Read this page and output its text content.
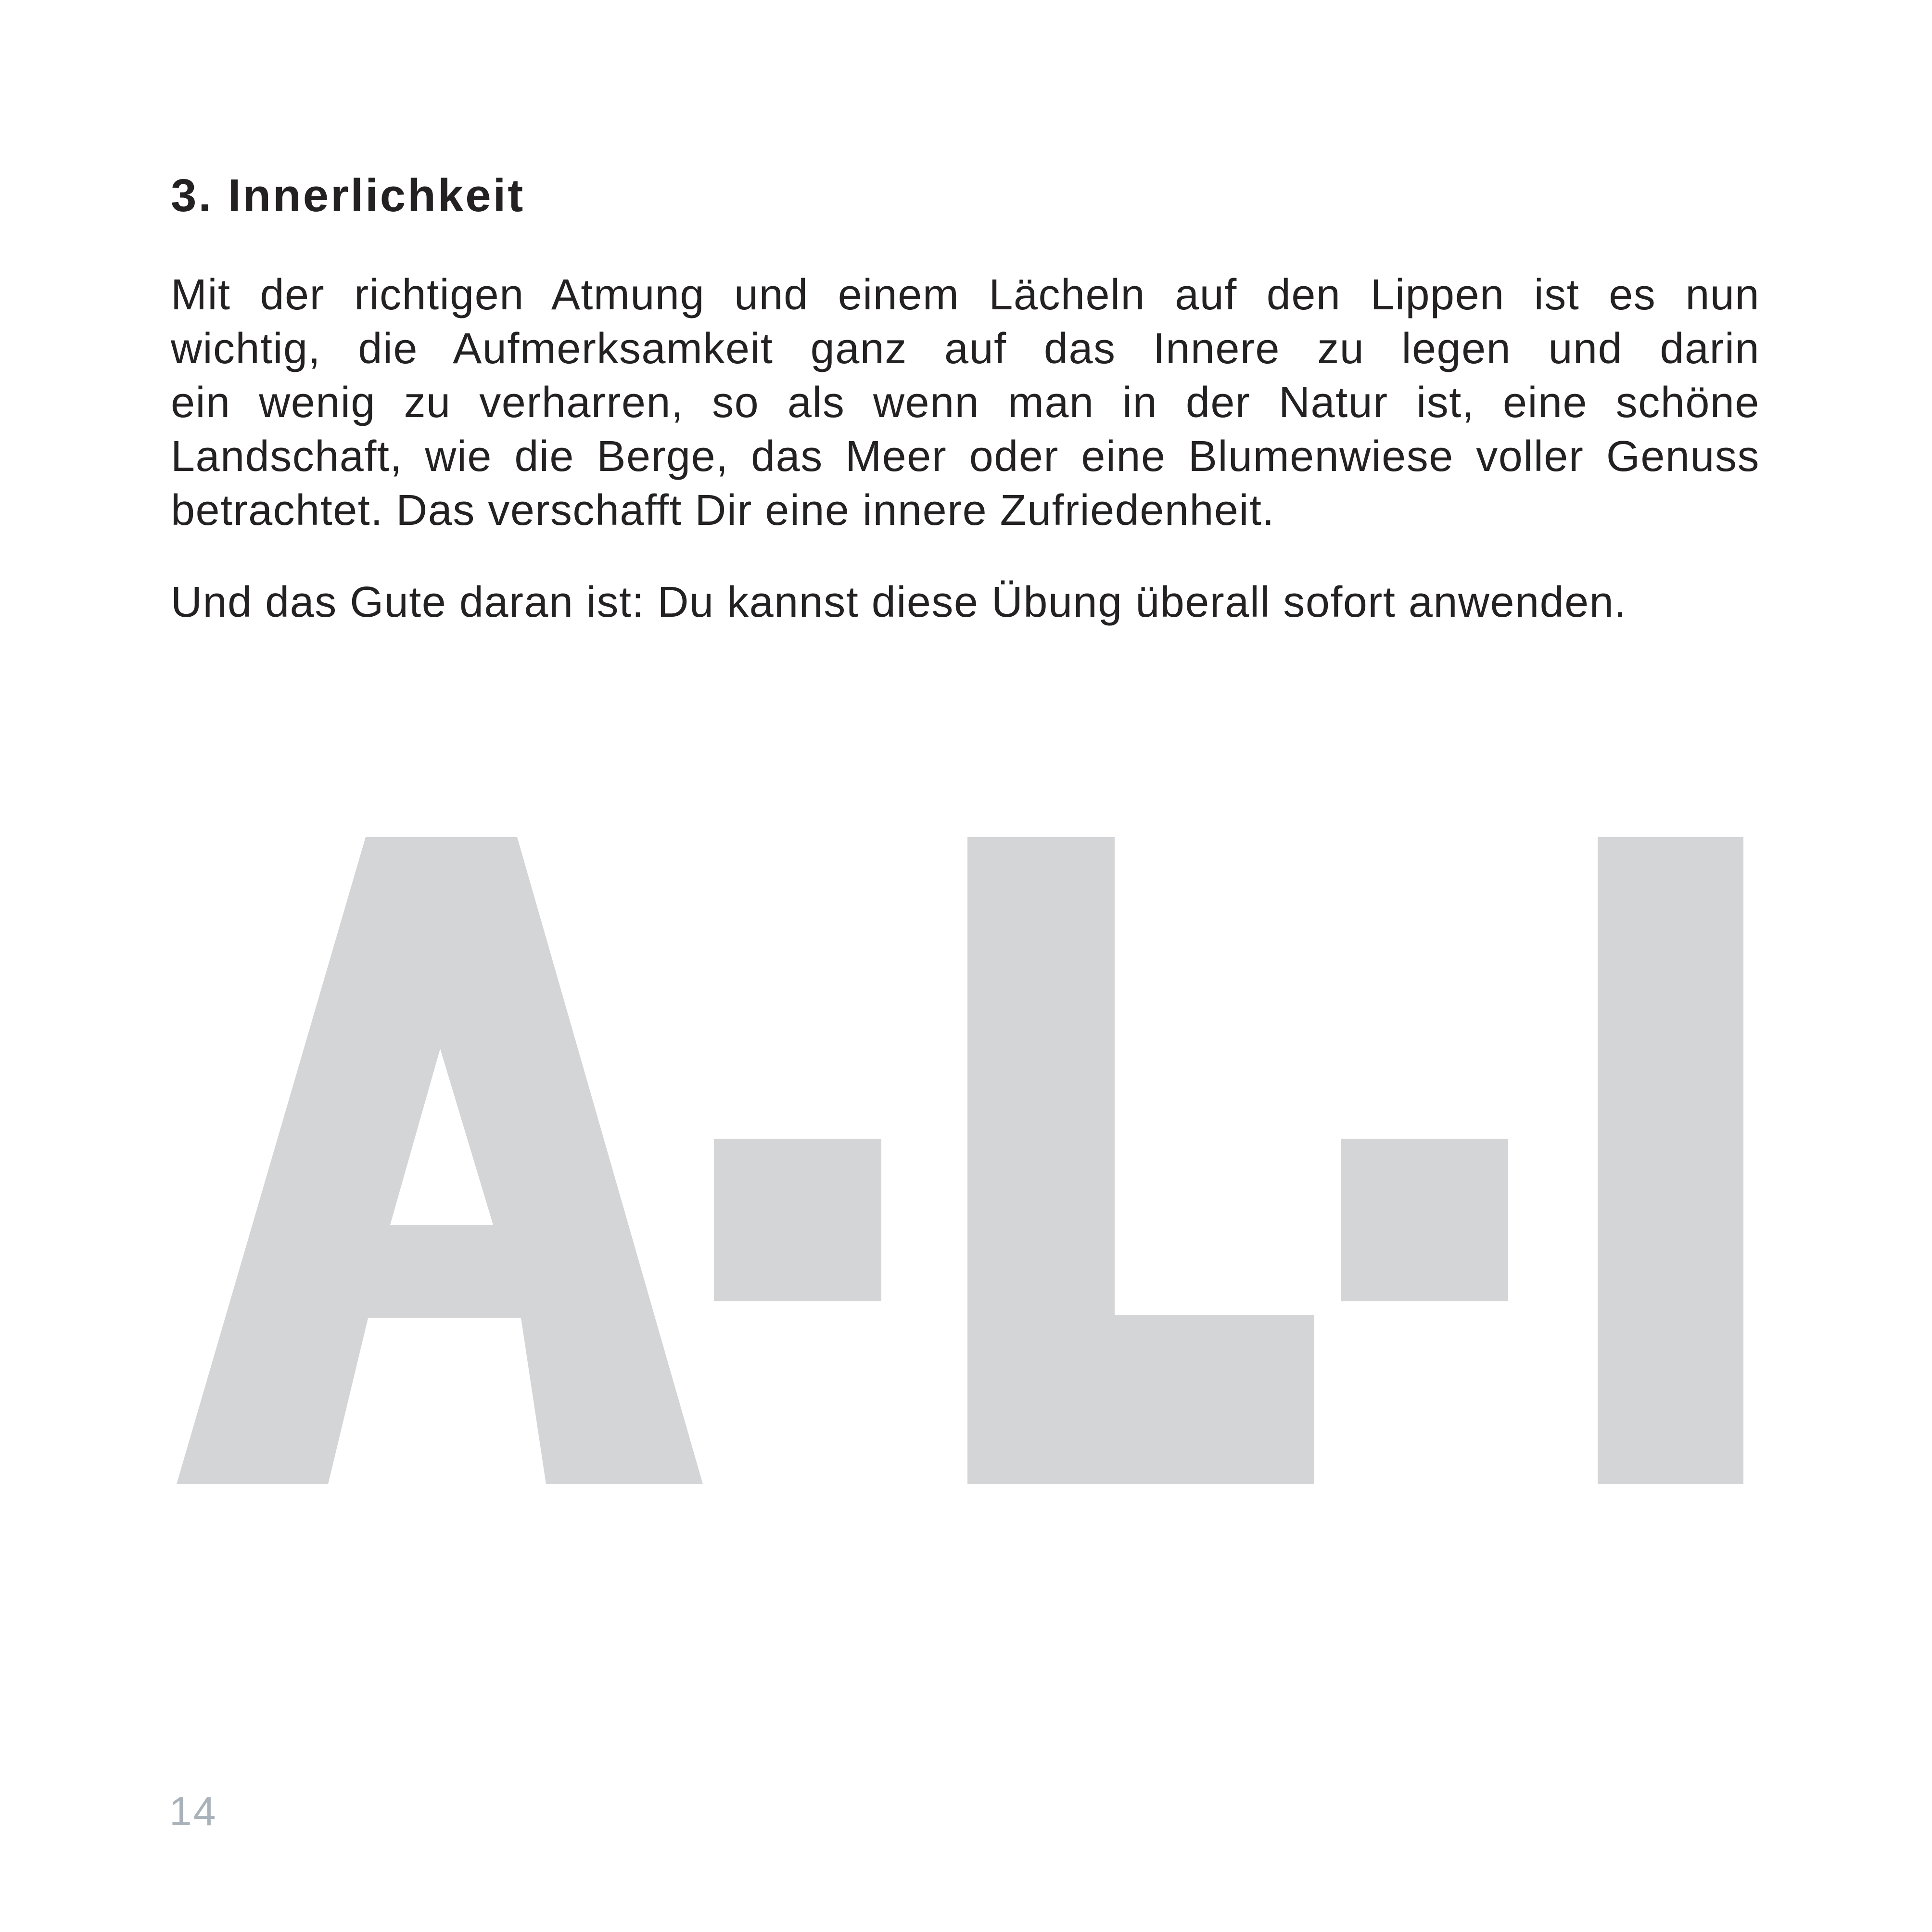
3. Innerlichkeit
Mit der richtigen Atmung und einem Lächeln auf den Lippen ist es nun
wichtig, die Aufmerksamkeit ganz auf das Innere zu legen und darin
ein wenig zu verharren, so als wenn man in der Natur ist, eine schöne
Landschaft, wie die Berge, das Meer oder eine Blumenwiese voller Genuss
betrachtet. Das verschafft Dir eine innere Zufriedenheit.

Und das Gute daran ist: Du kannst diese Übung überall sofort anwenden.

14
